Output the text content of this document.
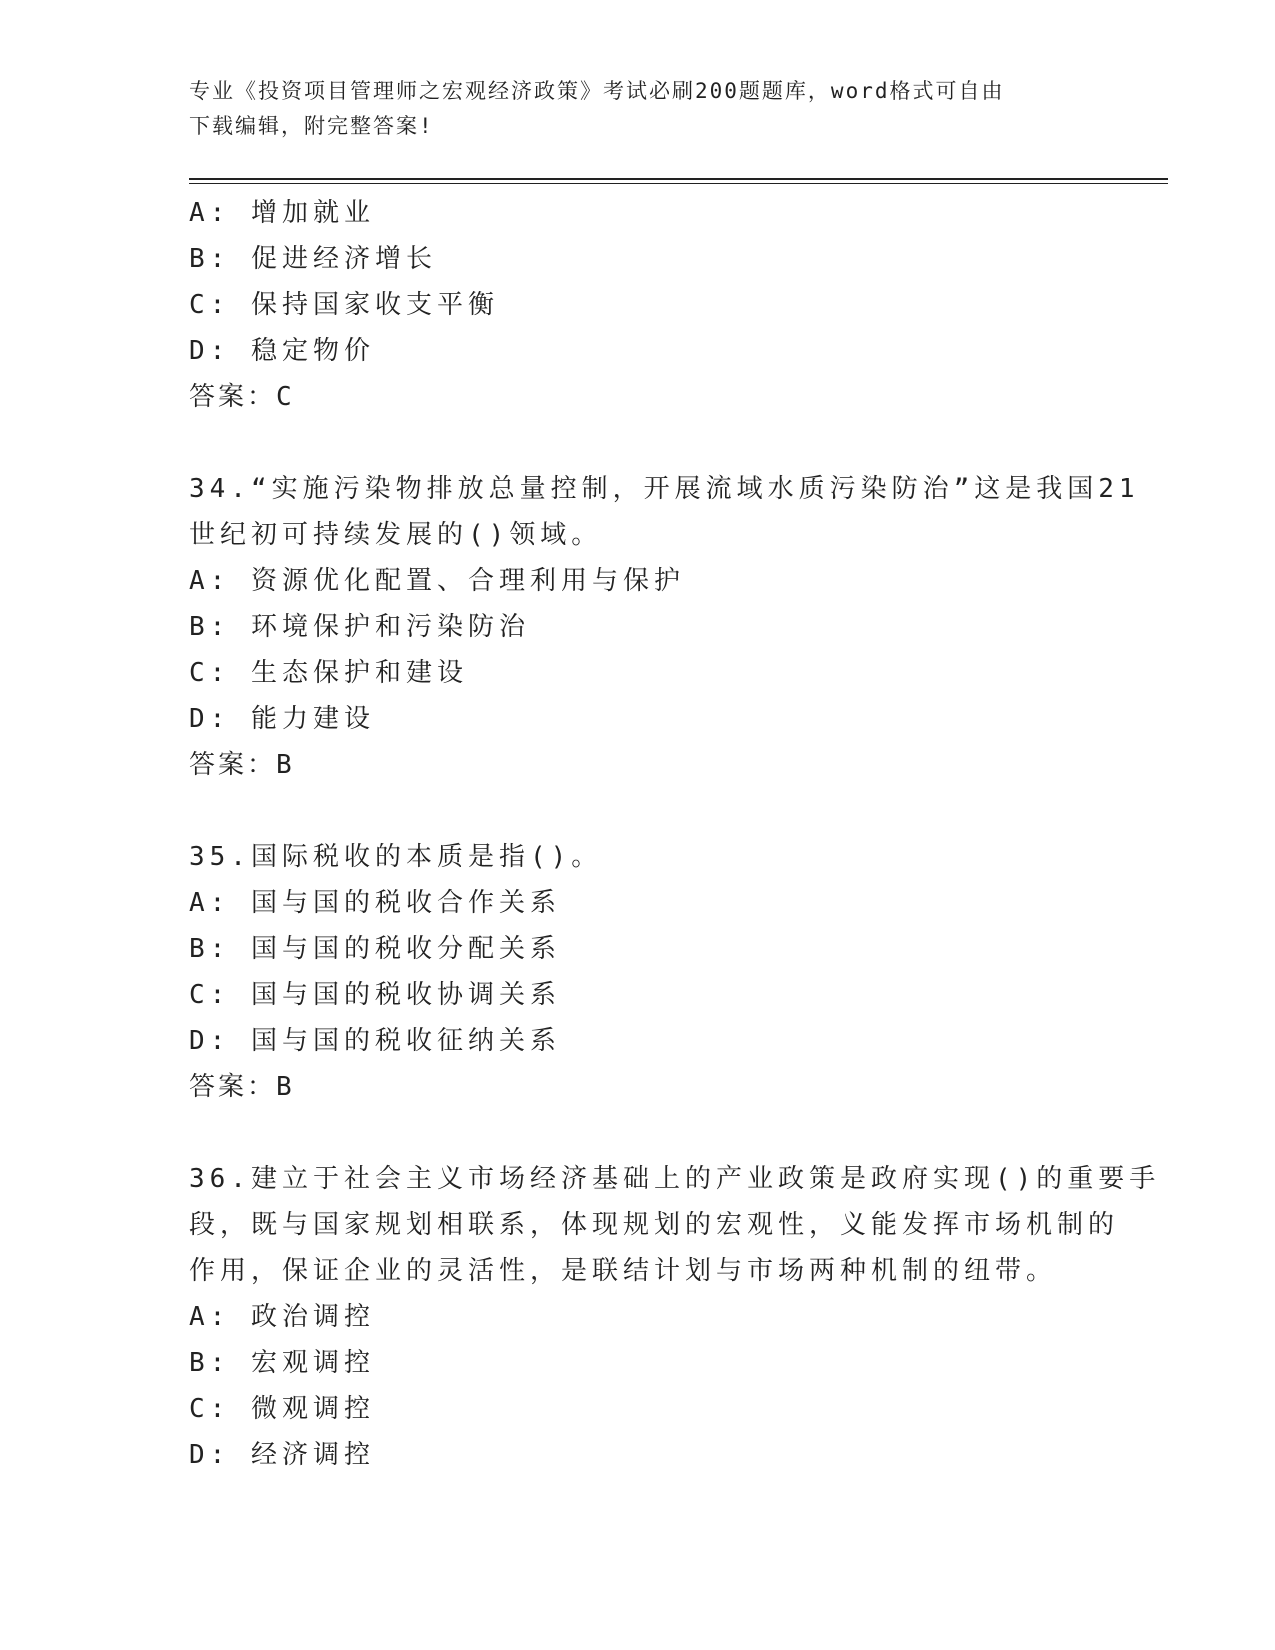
专业《投资项目管理师之宏观经济政策》考试必刷200题题库，word格式可自由
下载编辑，附完整答案!
A: 增加就业
B: 促进经济增长
C: 保持国家收支平衡
D: 稳定物价
答案：C
34.“实施污染物排放总量控制，开展流域水质污染防治”这是我国21
世纪初可持续发展的()领域。
A: 资源优化配置、合理利用与保护
B: 环境保护和污染防治
C: 生态保护和建设
D: 能力建设
答案：B
35.国际税收的本质是指()。
A: 国与国的税收合作关系
B: 国与国的税收分配关系
C: 国与国的税收协调关系
D: 国与国的税收征纳关系
答案：B
36.建立于社会主义市场经济基础上的产业政策是政府实现()的重要手
段，既与国家规划相联系，体现规划的宏观性，义能发挥市场机制的
作用，保证企业的灵活性，是联结计划与市场两种机制的纽带。
A: 政治调控
B: 宏观调控
C: 微观调控
D: 经济调控
